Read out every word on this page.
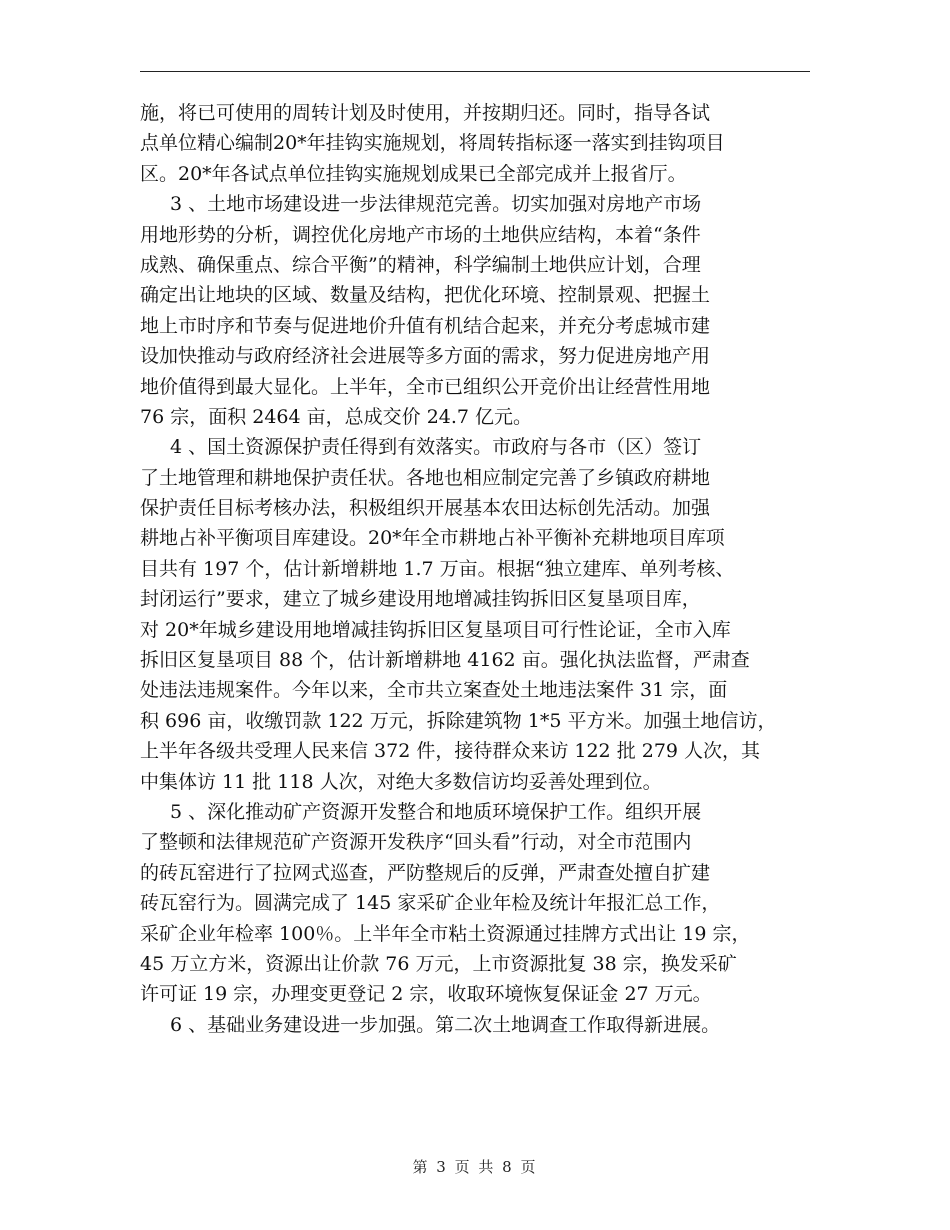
施，将已可使用的周转计划及时使用，并按期归还。同时，指导各试
点单位精心编制20*年挂钩实施规划，将周转指标逐一落实到挂钩项目
区。20*年各试点单位挂钩实施规划成果已全部完成并上报省厅。
3 、土地市场建设进一步法律规范完善。切实加强对房地产市场
用地形势的分析，调控优化房地产市场的土地供应结构，本着“条件
成熟、确保重点、综合平衡”的精神，科学编制土地供应计划，合理
确定出让地块的区域、数量及结构，把优化环境、控制景观、把握土
地上市时序和节奏与促进地价升值有机结合起来，并充分考虑城市建
设加快推动与政府经济社会进展等多方面的需求，努力促进房地产用
地价值得到最大显化。上半年，全市已组织公开竞价出让经营性用地
76 宗，面积 2464 亩，总成交价 24.7 亿元。
4 、国土资源保护责任得到有效落实。市政府与各市（区）签订
了土地管理和耕地保护责任状。各地也相应制定完善了乡镇政府耕地
保护责任目标考核办法，积极组织开展基本农田达标创先活动。加强
耕地占补平衡项目库建设。20*年全市耕地占补平衡补充耕地项目库项
目共有 197 个，估计新增耕地 1.7 万亩。根据“独立建库、单列考核、
封闭运行”要求，建立了城乡建设用地增减挂钩拆旧区复垦项目库，
对 20*年城乡建设用地增减挂钩拆旧区复垦项目可行性论证，全市入库
拆旧区复垦项目 88 个，估计新增耕地 4162 亩。强化执法监督，严肃查
处违法违规案件。今年以来，全市共立案查处土地违法案件 31 宗，面
积 696 亩，收缴罚款 122 万元，拆除建筑物 1*5 平方米。加强土地信访，
上半年各级共受理人民来信 372 件，接待群众来访 122 批 279 人次，其
中集体访 11 批 118 人次，对绝大多数信访均妥善处理到位。
5 、深化推动矿产资源开发整合和地质环境保护工作。组织开展
了整顿和法律规范矿产资源开发秩序“回头看”行动，对全市范围内
的砖瓦窑进行了拉网式巡查，严防整规后的反弹，严肃查处擅自扩建
砖瓦窑行为。圆满完成了 145 家采矿企业年检及统计年报汇总工作，
采矿企业年检率 100％。上半年全市粘土资源通过挂牌方式出让 19 宗，
45 万立方米，资源出让价款 76 万元，上市资源批复 38 宗，换发采矿
许可证 19 宗，办理变更登记 2 宗，收取环境恢复保证金 27 万元。
6 、基础业务建设进一步加强。第二次土地调查工作取得新进展。
第 3 页 共 8 页
